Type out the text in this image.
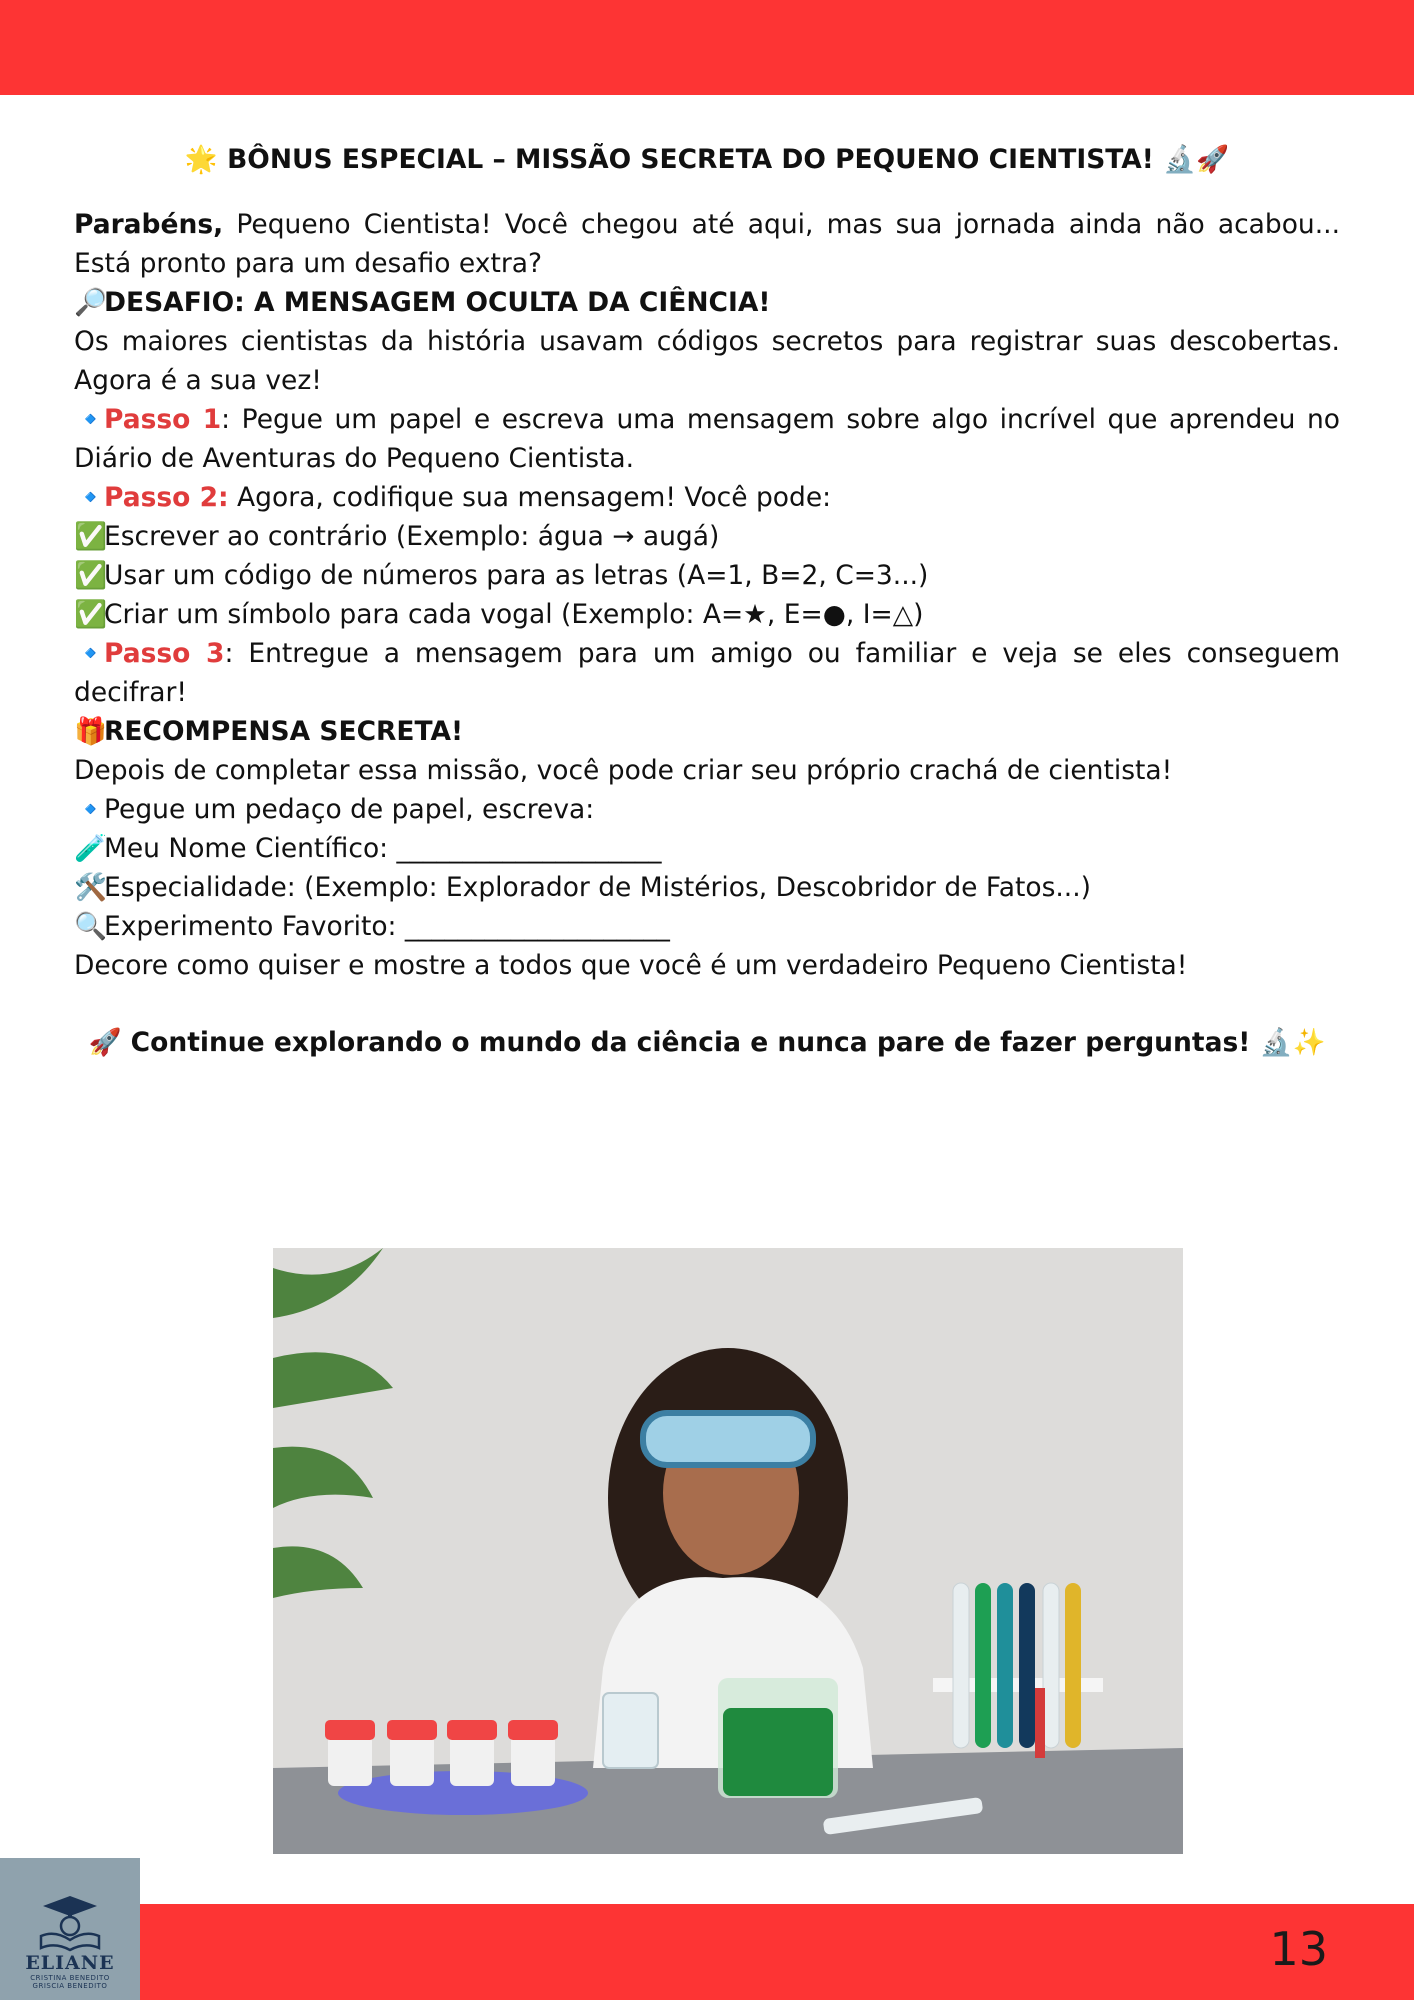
🌟 BÔNUS ESPECIAL – MISSÃO SECRETA DO PEQUENO CIENTISTA! 🔬🚀

Parabéns, Pequeno Cientista! Você chegou até aqui, mas sua jornada ainda não acabou... Está pronto para um desafio extra?

🔎DESAFIO: A MENSAGEM OCULTA DA CIÊNCIA!

Os maiores cientistas da história usavam códigos secretos para registrar suas descobertas. Agora é a sua vez!

🔹Passo 1: Pegue um papel e escreva uma mensagem sobre algo incrível que aprendeu no Diário de Aventuras do Pequeno Cientista.

🔹Passo 2: Agora, codifique sua mensagem! Você pode:

✅Escrever ao contrário (Exemplo: água → augá)

✅Usar um código de números para as letras (A=1, B=2, C=3...)

✅Criar um símbolo para cada vogal (Exemplo: A=★, E=●, I=△)

🔹Passo 3: Entregue a mensagem para um amigo ou familiar e veja se eles conseguem decifrar!

🎁RECOMPENSA SECRETA!

Depois de completar essa missão, você pode criar seu próprio crachá de cientista!

🔹Pegue um pedaço de papel, escreva:

🧪Meu Nome Científico: ____________________

🛠️Especialidade: (Exemplo: Explorador de Mistérios, Descobridor de Fatos...)

🔍Experimento Favorito: ____________________

Decore como quiser e mostre a todos que você é um verdadeiro Pequeno Cientista!

🚀 Continue explorando o mundo da ciência e nunca pare de fazer perguntas! 🔬✨

13
ELIANE
CRISTINA BENEDITO
GRISCIA BENEDITO
